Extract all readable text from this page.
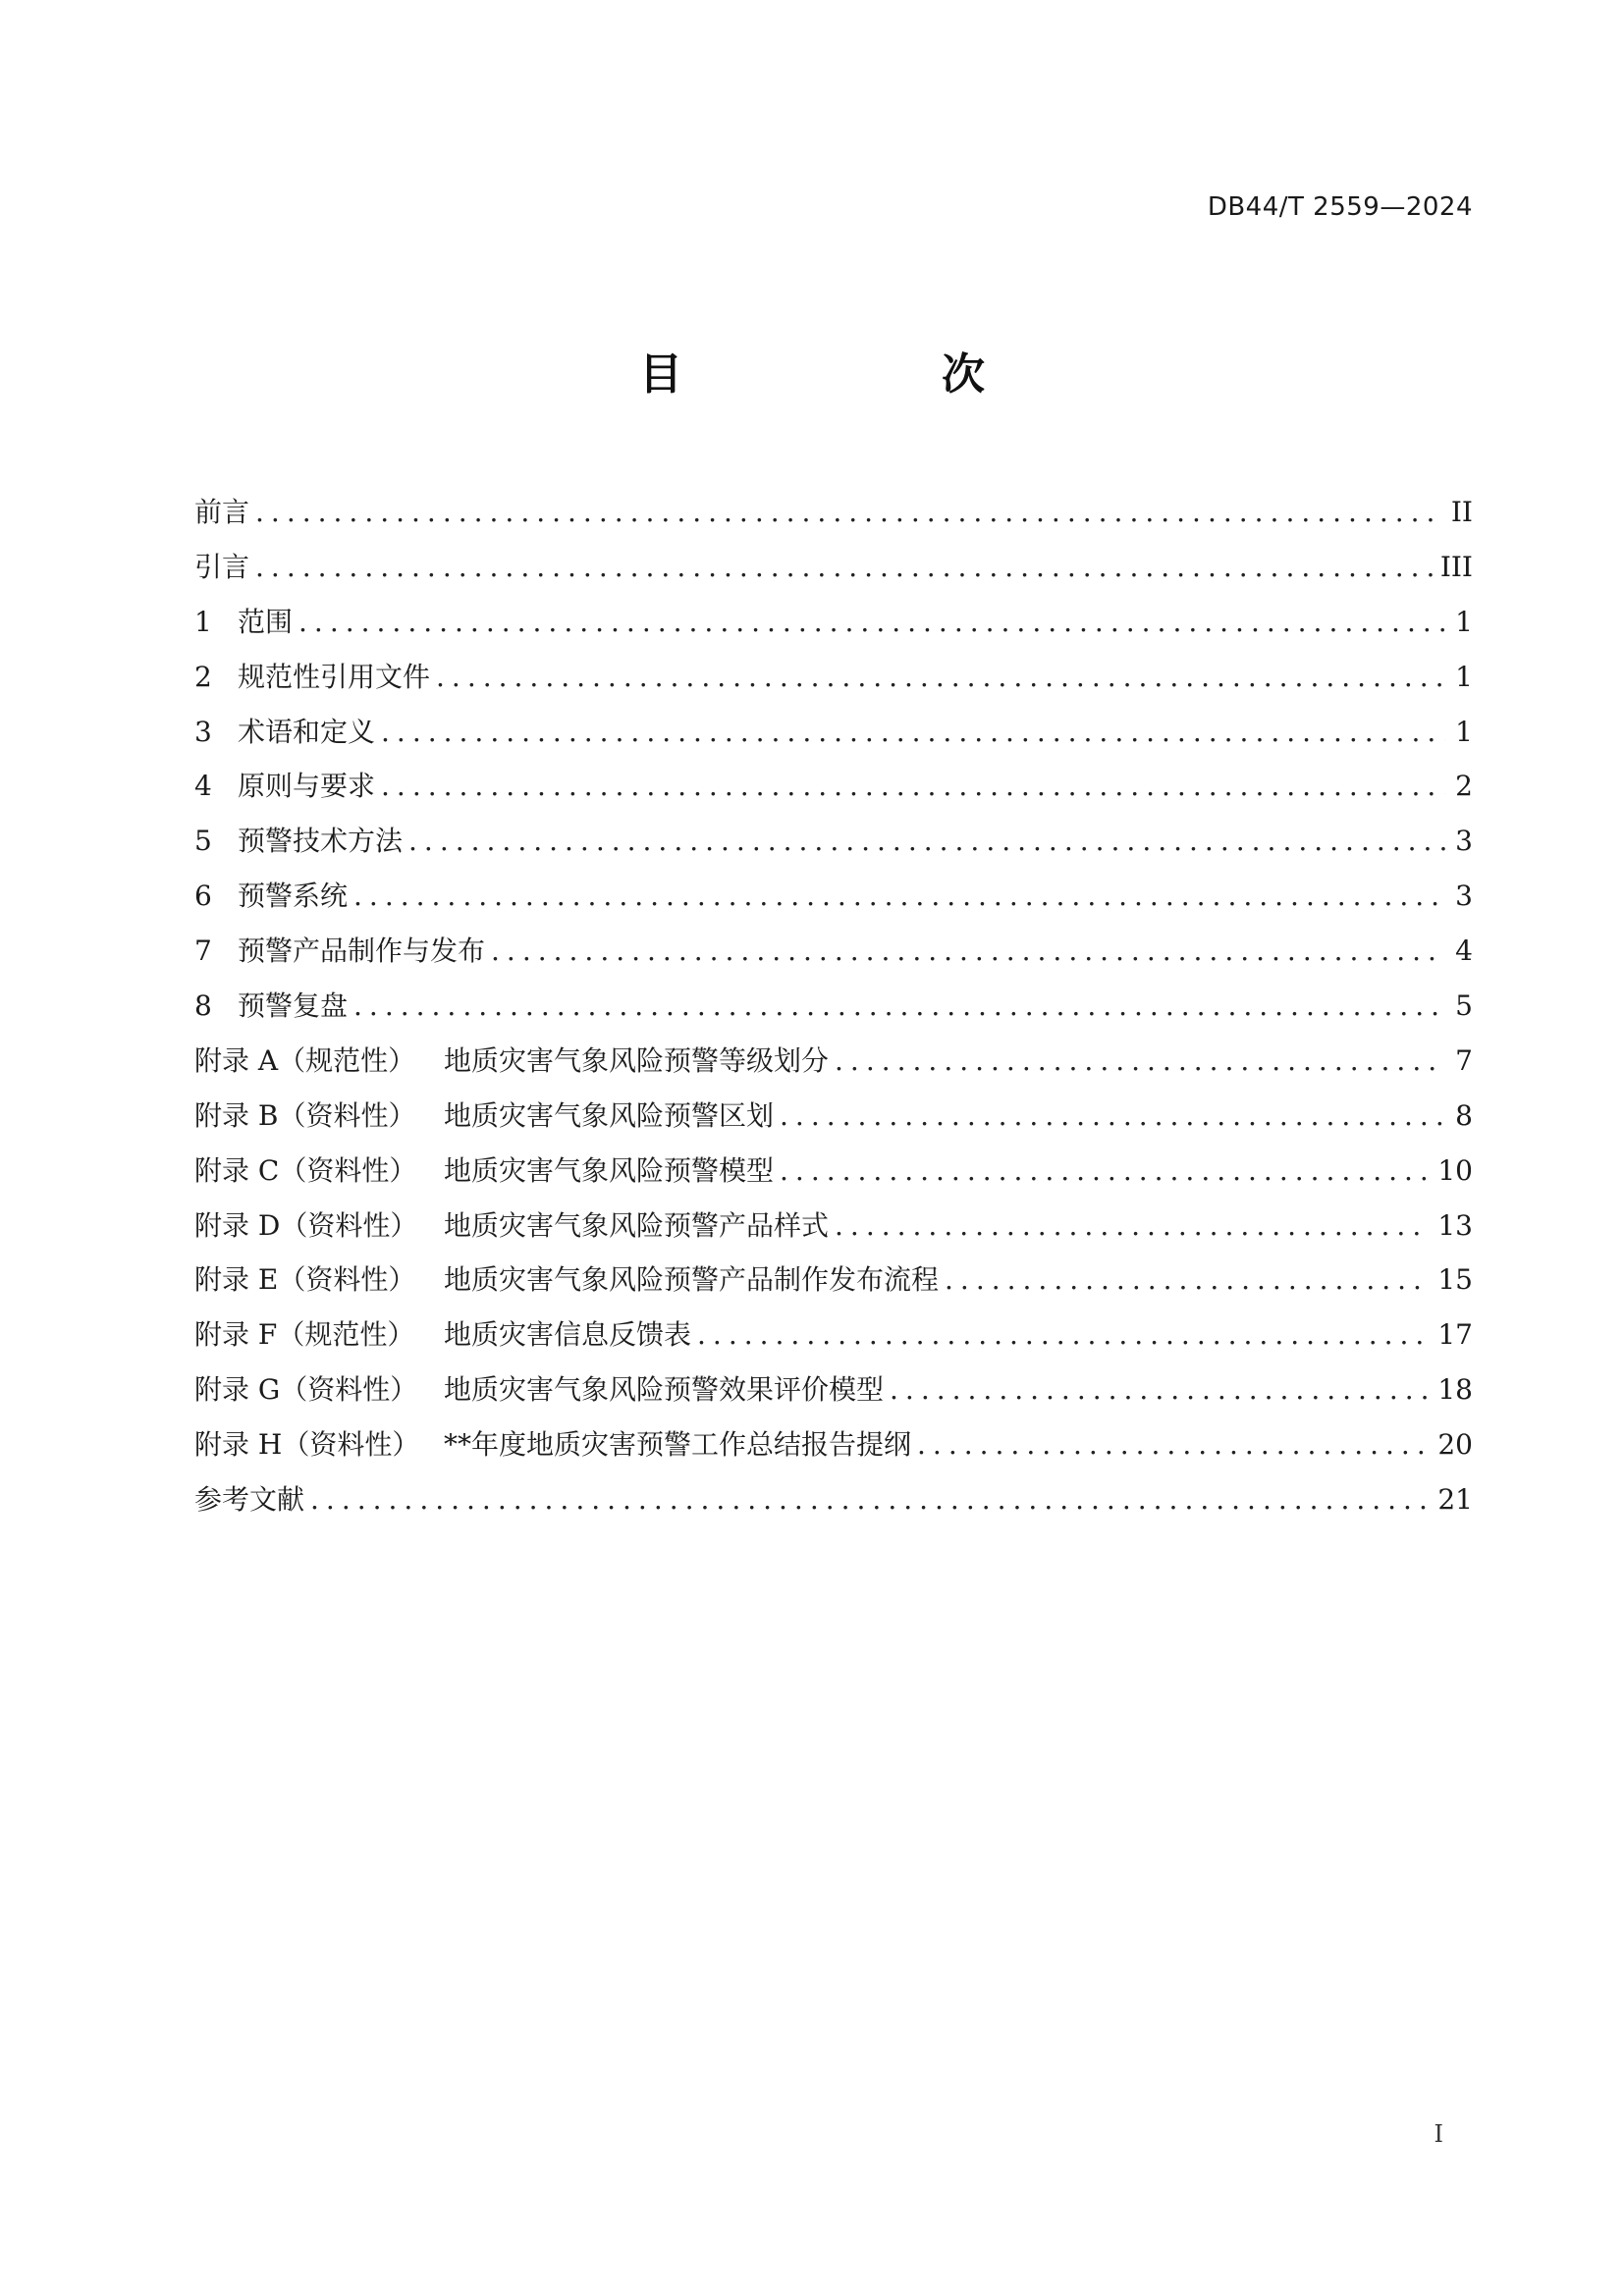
DB44/T 2559—2024
目　次
前言 .....	II
引言 .....	III
1 范围 .....	1
2 规范性引用文件 .....	1
3 术语和定义 .....	1
4 原则与要求 .....	2
5 预警技术方法 .....	3
6 预警系统 .....	3
7 预警产品制作与发布 .....	4
8 预警复盘 .....	5
附录 A（规范性） 地质灾害气象风险预警等级划分 .....	7
附录 B（资料性） 地质灾害气象风险预警区划 .....	8
附录 C（资料性） 地质灾害气象风险预警模型 .....	10
附录 D（资料性） 地质灾害气象风险预警产品样式 .....	13
附录 E（资料性） 地质灾害气象风险预警产品制作发布流程 .....	15
附录 F（规范性） 地质灾害信息反馈表 .....	17
附录 G（资料性） 地质灾害气象风险预警效果评价模型 .....	18
附录 H（资料性） **年度地质灾害预警工作总结报告提纲 .....	20
参考文献 .....	21
I
